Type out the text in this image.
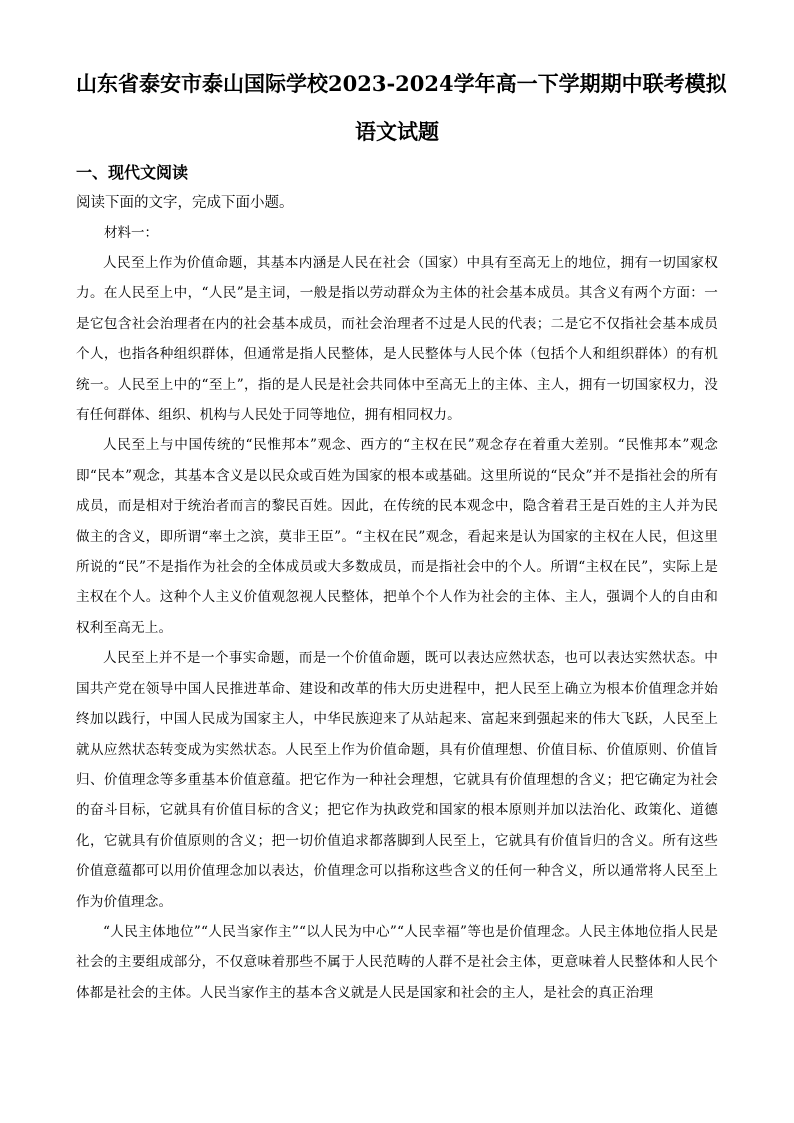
山东省泰安市泰山国际学校2023-2024学年高一下学期期中联考模拟
语文试题
一、现代文阅读
阅读下面的文字，完成下面小题。
材料一：

人民至上作为价值命题，其基本内涵是人民在社会（国家）中具有至高无上的地位，拥有一切国家权力。在人民至上中，“人民”是主词，一般是指以劳动群众为主体的社会基本成员。其含义有两个方面：一是它包含社会治理者在内的社会基本成员，而社会治理者不过是人民的代表；二是它不仅指社会基本成员个人，也指各种组织群体，但通常是指人民整体，是人民整体与人民个体（包括个人和组织群体）的有机统一。人民至上中的“至上”，指的是人民是社会共同体中至高无上的主体、主人，拥有一切国家权力，没有任何群体、组织、机构与人民处于同等地位，拥有相同权力。

人民至上与中国传统的“民惟邦本”观念、西方的“主权在民”观念存在着重大差别。“民惟邦本”观念即“民本”观念，其基本含义是以民众或百姓为国家的根本或基础。这里所说的“民众”并不是指社会的所有成员，而是相对于统治者而言的黎民百姓。因此，在传统的民本观念中，隐含着君王是百姓的主人并为民做主的含义，即所谓“率土之滨，莫非王臣”。“主权在民”观念，看起来是认为国家的主权在人民，但这里所说的“民”不是指作为社会的全体成员或大多数成员，而是指社会中的个人。所谓“主权在民”，实际上是主权在个人。这种个人主义价值观忽视人民整体，把单个个人作为社会的主体、主人，强调个人的自由和权利至高无上。

人民至上并不是一个事实命题，而是一个价值命题，既可以表达应然状态，也可以表达实然状态。中国共产党在领导中国人民推进革命、建设和改革的伟大历史进程中，把人民至上确立为根本价值理念并始终加以践行，中国人民成为国家主人，中华民族迎来了从站起来、富起来到强起来的伟大飞跃，人民至上就从应然状态转变成为实然状态。人民至上作为价值命题，具有价值理想、价值目标、价值原则、价值旨归、价值理念等多重基本价值意蕴。把它作为一种社会理想，它就具有价值理想的含义；把它确定为社会的奋斗目标，它就具有价值目标的含义；把它作为执政党和国家的根本原则并加以法治化、政策化、道德化，它就具有价值原则的含义；把一切价值追求都落脚到人民至上，它就具有价值旨归的含义。所有这些价值意蕴都可以用价值理念加以表达，价值理念可以指称这些含义的任何一种含义，所以通常将人民至上作为价值理念。

“人民主体地位”“人民当家作主”“以人民为中心”“人民幸福”等也是价值理念。人民主体地位指人民是社会的主要组成部分，不仅意味着那些不属于人民范畴的人群不是社会主体，更意味着人民整体和人民个体都是社会的主体。人民当家作主的基本含义就是人民是国家和社会的主人，是社会的真正治理
